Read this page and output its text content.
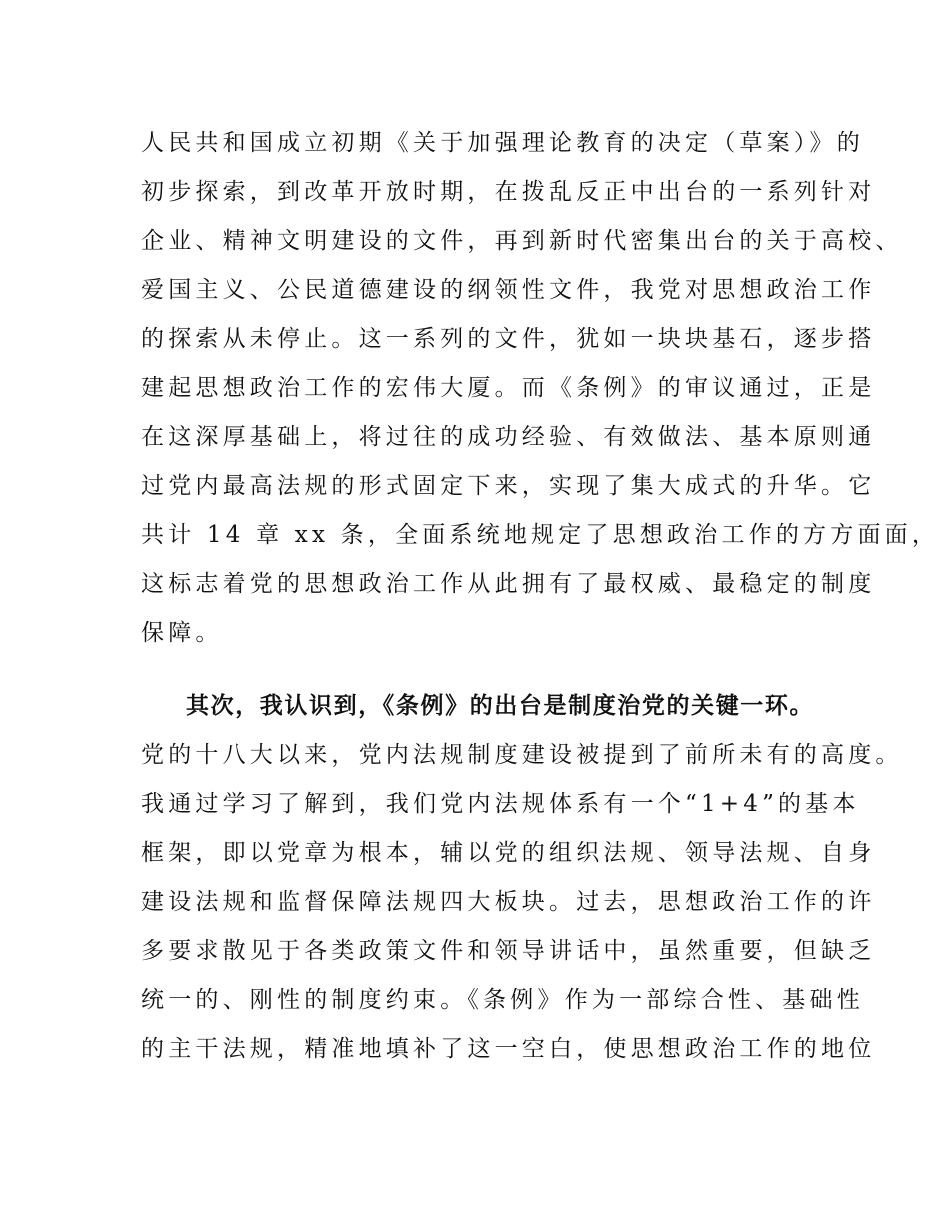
人民共和国成立初期《关于加强理论教育的决定（草案）》的
初步探索，到改革开放时期，在拨乱反正中出台的一系列针对
企业、精神文明建设的文件，再到新时代密集出台的关于高校、
爱国主义、公民道德建设的纲领性文件，我党对思想政治工作
的探索从未停止。这一系列的文件，犹如一块块基石，逐步搭
建起思想政治工作的宏伟大厦。而《条例》的审议通过，正是
在这深厚基础上，将过往的成功经验、有效做法、基本原则通
过党内最高法规的形式固定下来，实现了集大成式的升华。它
共计 14 章 xx 条，全面系统地规定了思想政治工作的方方面面，
这标志着党的思想政治工作从此拥有了最权威、最稳定的制度
保障。
其次，我认识到，《条例》的出台是制度治党的关键一环。
党的十八大以来，党内法规制度建设被提到了前所未有的高度。
我通过学习了解到，我们党内法规体系有一个“1+4”的基本
框架，即以党章为根本，辅以党的组织法规、领导法规、自身
建设法规和监督保障法规四大板块。过去，思想政治工作的许
多要求散见于各类政策文件和领导讲话中，虽然重要，但缺乏
统一的、刚性的制度约束。《条例》作为一部综合性、基础性
的主干法规，精准地填补了这一空白，使思想政治工作的地位
